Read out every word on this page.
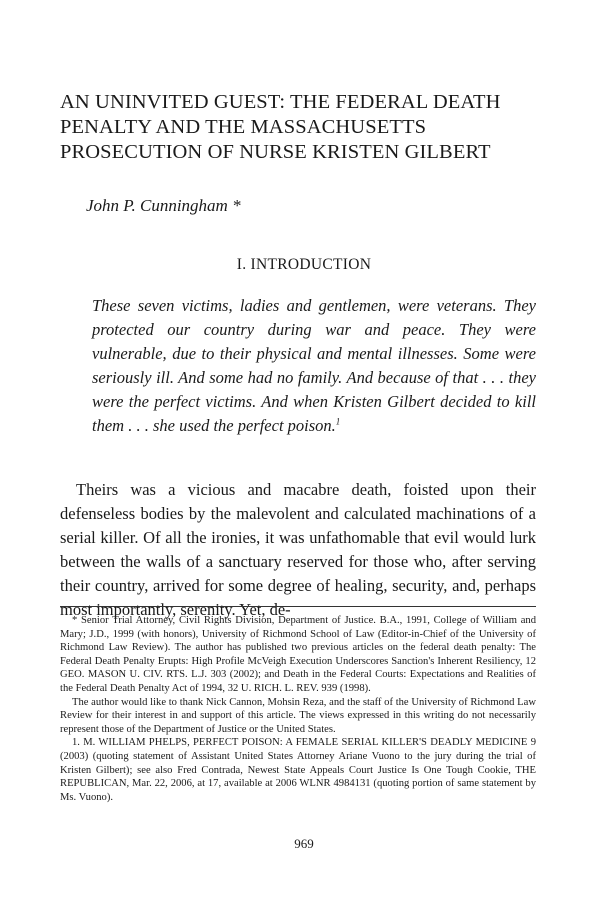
AN UNINVITED GUEST: THE FEDERAL DEATH PENALTY AND THE MASSACHUSETTS PROSECUTION OF NURSE KRISTEN GILBERT
John P. Cunningham *
I. INTRODUCTION

These seven victims, ladies and gentlemen, were veterans. They protected our country during war and peace. They were vulnerable, due to their physical and mental illnesses. Some were seriously ill. And some had no family. And because of that . . . they were the perfect victims. And when Kristen Gilbert decided to kill them . . . she used the perfect poison.$^1$

Theirs was a vicious and macabre death, foisted upon their defenseless bodies by the malevolent and calculated machinations of a serial killer. Of all the ironies, it was unfathomable that evil would lurk between the walls of a sanctuary reserved for those who, after serving their country, arrived for some degree of healing, security, and, perhaps most importantly, serenity. Yet, de-

* Senior Trial Attorney, Civil Rights Division, Department of Justice. B.A., 1991, College of William and Mary; J.D., 1999 (with honors), University of Richmond School of Law (Editor-in-Chief of the University of Richmond Law Review). The author has published two previous articles on the federal death penalty: The Federal Death Penalty Erupts: High Profile McVeigh Execution Underscores Sanction's Inherent Resiliency, 12 GEO. MASON U. CIV. RTS. L.J. 303 (2002); and Death in the Federal Courts: Expectations and Realities of the Federal Death Penalty Act of 1994, 32 U. RICH. L. REV. 939 (1998).

The author would like to thank Nick Cannon, Mohsin Reza, and the staff of the University of Richmond Law Review for their interest in and support of this article. The views expressed in this writing do not necessarily represent those of the Department of Justice or the United States.

1. M. WILLIAM PHELPS, PERFECT POISON: A FEMALE SERIAL KILLER'S DEADLY MEDICINE 9 (2003) (quoting statement of Assistant United States Attorney Ariane Vuono to the jury during the trial of Kristen Gilbert); see also Fred Contrada, Newest State Appeals Court Justice Is One Tough Cookie, THE REPUBLICAN, Mar. 22, 2006, at 17, available at 2006 WLNR 4984131 (quoting portion of same statement by Ms. Vuono).

969
